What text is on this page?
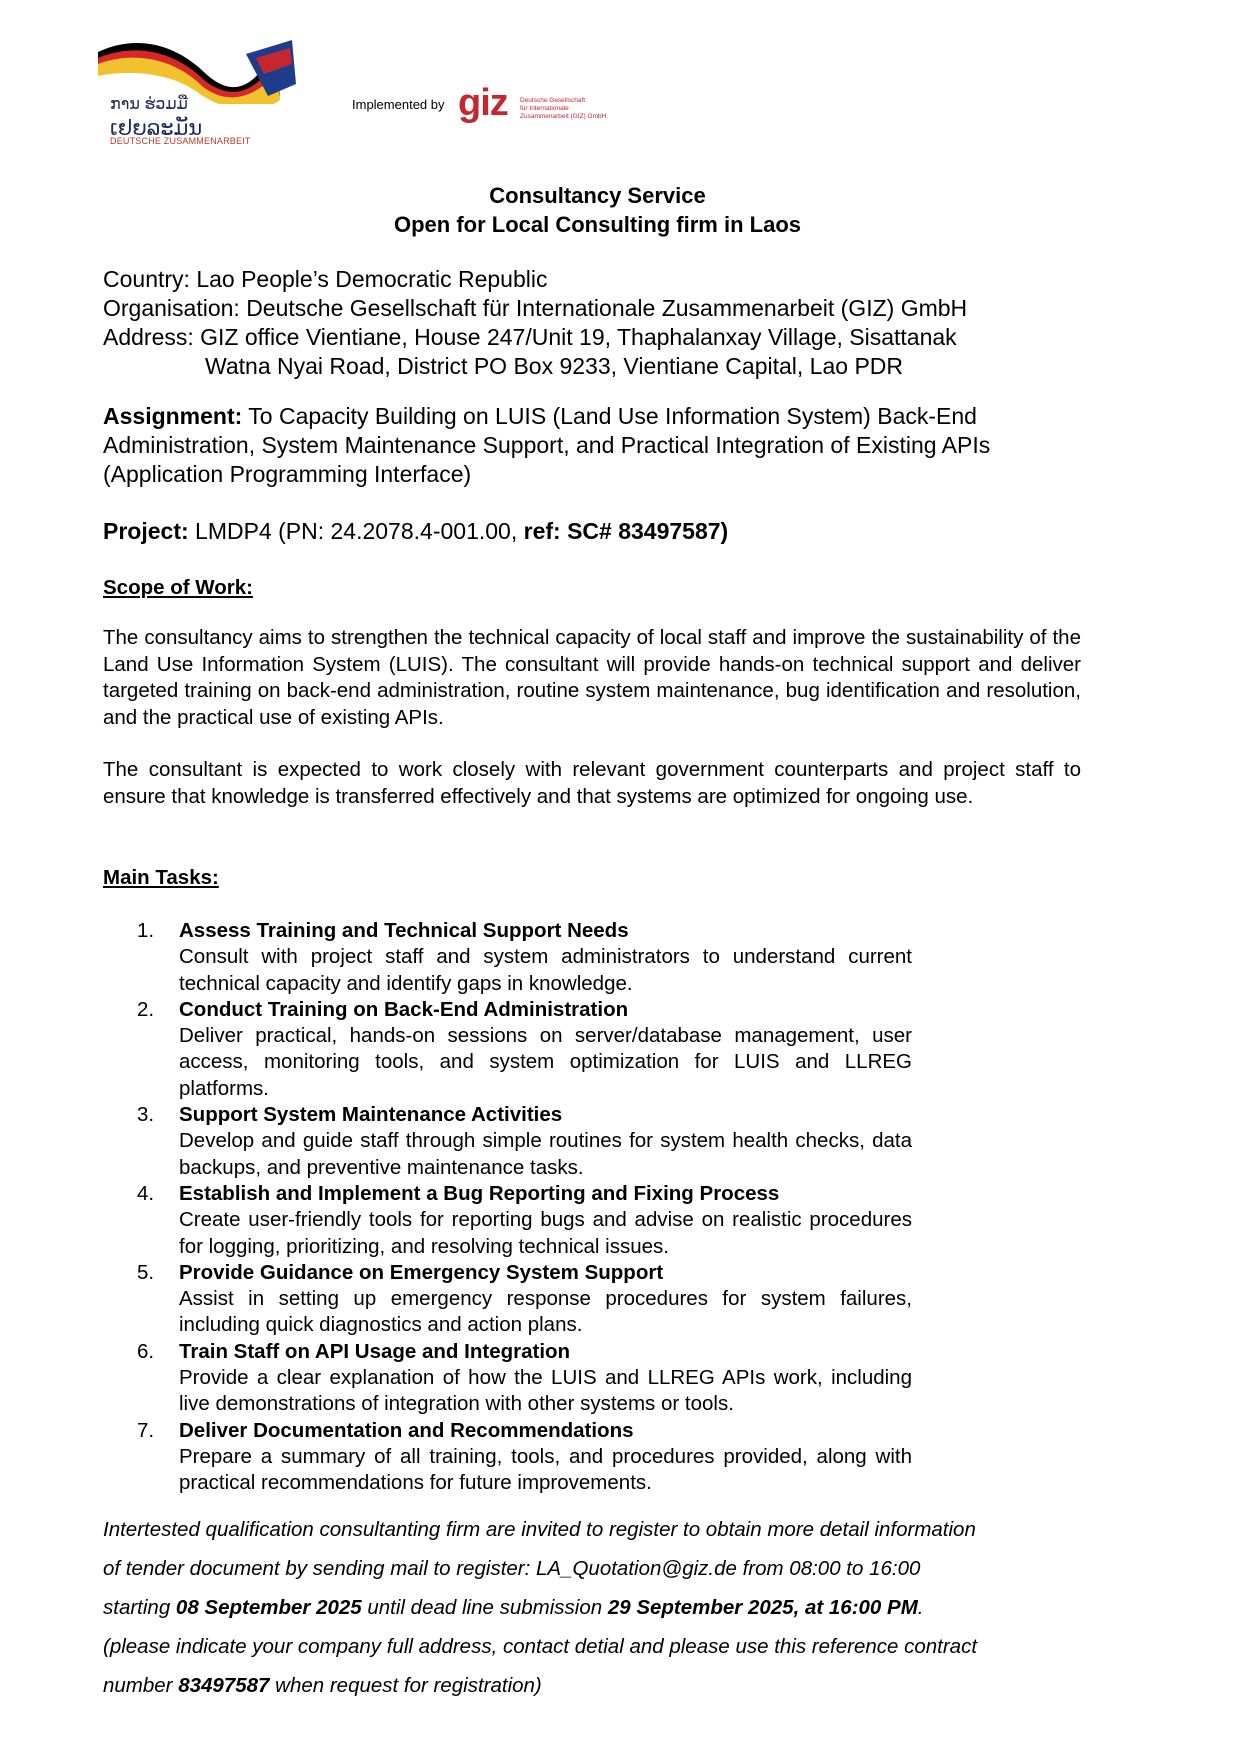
ການ ຮ່ວມມື
ເຢຍລະມັນ
DEUTSCHE ZUSAMMENARBEIT
Implemented by giz Deutsche Gesellschaft
für Internationale
Zusammenarbeit (GIZ) GmbH
Consultancy Service
Open for Local Consulting firm in Laos
Country: Lao People’s Democratic Republic
Organisation: Deutsche Gesellschaft für Internationale Zusammenarbeit (GIZ) GmbH
Address: GIZ office Vientiane, House 247/Unit 19, Thaphalanxay Village, Sisattanak
Watna Nyai Road, District PO Box 9233, Vientiane Capital, Lao PDR
Assignment: To Capacity Building on LUIS (Land Use Information System) Back-End
Administration, System Maintenance Support, and Practical Integration of Existing APIs
(Application Programming Interface)
Project: LMDP4 (PN: 24.2078.4-001.00, ref: SC# 83497587)
Scope of Work:
The consultancy aims to strengthen the technical capacity of local staff and improve the sustainability of the Land Use Information System (LUIS). The consultant will provide hands-on technical support and deliver targeted training on back-end administration, routine system maintenance, bug identification and resolution, and the practical use of existing APIs.
The consultant is expected to work closely with relevant government counterparts and project staff to ensure that knowledge is transferred effectively and that systems are optimized for ongoing use.
Main Tasks:
1. Assess Training and Technical Support Needs
Consult with project staff and system administrators to understand current technical capacity and identify gaps in knowledge.
2. Conduct Training on Back-End Administration
Deliver practical, hands-on sessions on server/database management, user access, monitoring tools, and system optimization for LUIS and LLREG platforms.
3. Support System Maintenance Activities
Develop and guide staff through simple routines for system health checks, data backups, and preventive maintenance tasks.
4. Establish and Implement a Bug Reporting and Fixing Process
Create user-friendly tools for reporting bugs and advise on realistic procedures for logging, prioritizing, and resolving technical issues.
5. Provide Guidance on Emergency System Support
Assist in setting up emergency response procedures for system failures, including quick diagnostics and action plans.
6. Train Staff on API Usage and Integration
Provide a clear explanation of how the LUIS and LLREG APIs work, including live demonstrations of integration with other systems or tools.
7. Deliver Documentation and Recommendations
Prepare a summary of all training, tools, and procedures provided, along with practical recommendations for future improvements.
Intertested qualification consultanting firm are invited to register to obtain more detail information
of tender document by sending mail to register: LA_Quotation@giz.de from 08:00 to 16:00
starting 08 September 2025 until dead line submission 29 September 2025, at 16:00 PM.
(please indicate your company full address, contact detial and please use this reference contract
number 83497587 when request for registration)
